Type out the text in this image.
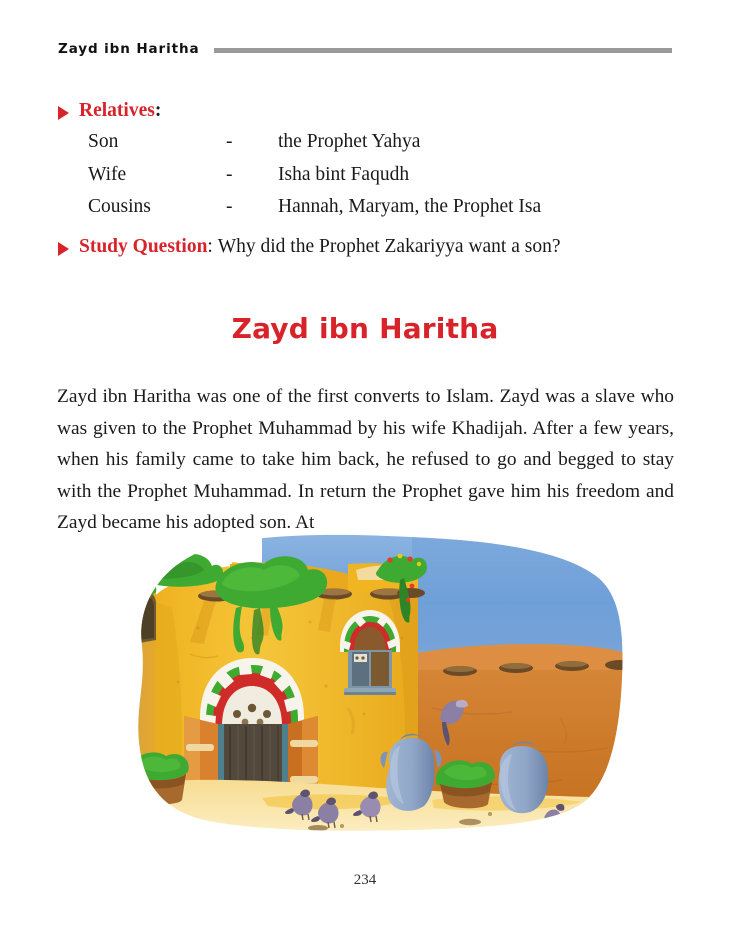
Zayd ibn Haritha
Relatives:
Son	-	the Prophet Yahya
Wife	-	Isha bint Faqudh
Cousins	-	Hannah, Maryam, the Prophet Isa
Study Question: Why did the Prophet Zakariyya want a son?
Zayd ibn Haritha

Zayd ibn Haritha was one of the first converts to Islam. Zayd was a slave who was given to the Prophet Muhammad by his wife Khadijah. After a few years, when his family came to take him back, he refused to go and begged to stay with the Prophet Muhammad. In return the Prophet gave him his freedom and Zayd became his adopted son. At

234
